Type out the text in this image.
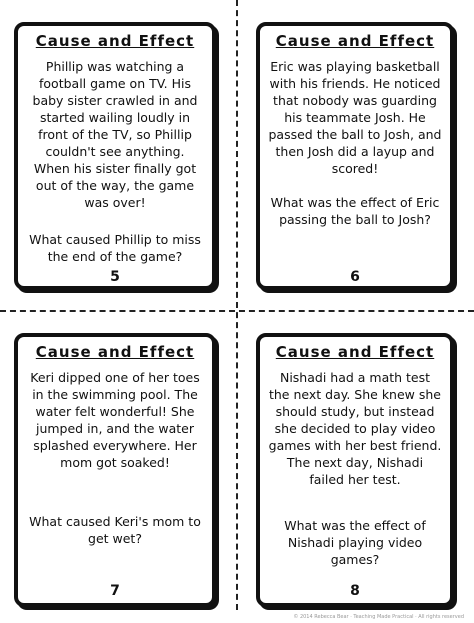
Cause and Effect
Phillip was watching a football game on TV. His baby sister crawled in and started wailing loudly in front of the TV, so Phillip couldn't see anything. When his sister finally got out of the way, the game was over!
What caused Phillip to miss the end of the game?
5
Cause and Effect
Eric was playing basketball with his friends. He noticed that nobody was guarding his teammate Josh. He passed the ball to Josh, and then Josh did a layup and scored!
What was the effect of Eric passing the ball to Josh?
6
Cause and Effect
Keri dipped one of her toes in the swimming pool. The water felt wonderful! She jumped in, and the water splashed everywhere. Her mom got soaked!
What caused Keri's mom to get wet?
7
Cause and Effect
Nishadi had a math test the next day. She knew she should study, but instead she decided to play video games with her best friend. The next day, Nishadi failed her test.
What was the effect of Nishadi playing video games?
8
© 2014 Rebecca Bear · Teaching Made Practical · All rights reserved
